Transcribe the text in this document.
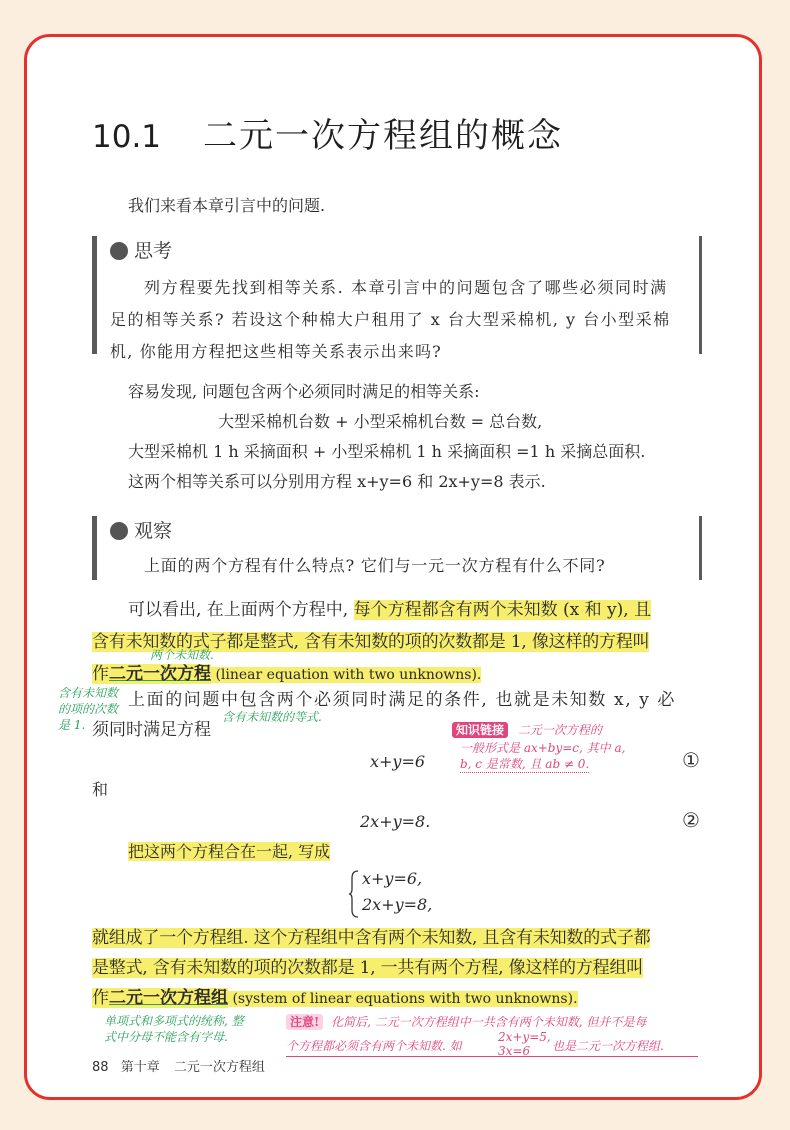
10.1 二元一次方程组的概念
我们来看本章引言中的问题.
思考
列方程要先找到相等关系. 本章引言中的问题包含了哪些必须同时满
足的相等关系? 若设这个种棉大户租用了 x 台大型采棉机, y 台小型采棉
机, 你能用方程把这些相等关系表示出来吗?
容易发现, 问题包含两个必须同时满足的相等关系:
大型采棉机台数 + 小型采棉机台数 = 总台数,
大型采棉机 1 h 采摘面积 + 小型采棉机 1 h 采摘面积 =1 h 采摘总面积.
这两个相等关系可以分别用方程 x+y=6 和 2x+y=8 表示.
观察
上面的两个方程有什么特点? 它们与一元一次方程有什么不同?
可以看出, 在上面两个方程中, 每个方程都含有两个未知数 (x 和 y), 且
含有未知数的式子都是整式, 含有未知数的项的次数都是 1, 像这样的方程叫
两个未知数.
作二元一次方程 (linear equation with two unknowns).
上面的问题中包含两个必须同时满足的条件, 也就是未知数 x, y 必
含有未知数的等式.
须同时满足方程
含有未知数
的项的次数
是 1.	知识链接 二元一次方程的
一般形式是 ax+by=c, 其中 a,
b, c 是常数, 且 ab ≠ 0.
x+y=6	①
和
2x+y=8.	②
把这两个方程合在一起, 写成
x+y=6,
2x+y=8,
就组成了一个方程组. 这个方程组中含有两个未知数, 且含有未知数的式子都
是整式, 含有未知数的项的次数都是 1, 一共有两个方程, 像这样的方程组叫
作二元一次方程组 (system of linear equations with two unknowns).
单项式和多项式的统称, 整
式中分母不能含有字母.
注意! 化简后, 二元一次方程组中一共含有两个未知数, 但并不是每
个方程都必须含有两个未知数. 如
2x+y=5,
3x=6	也是二元一次方程组.
88 第十章 二元一次方程组
